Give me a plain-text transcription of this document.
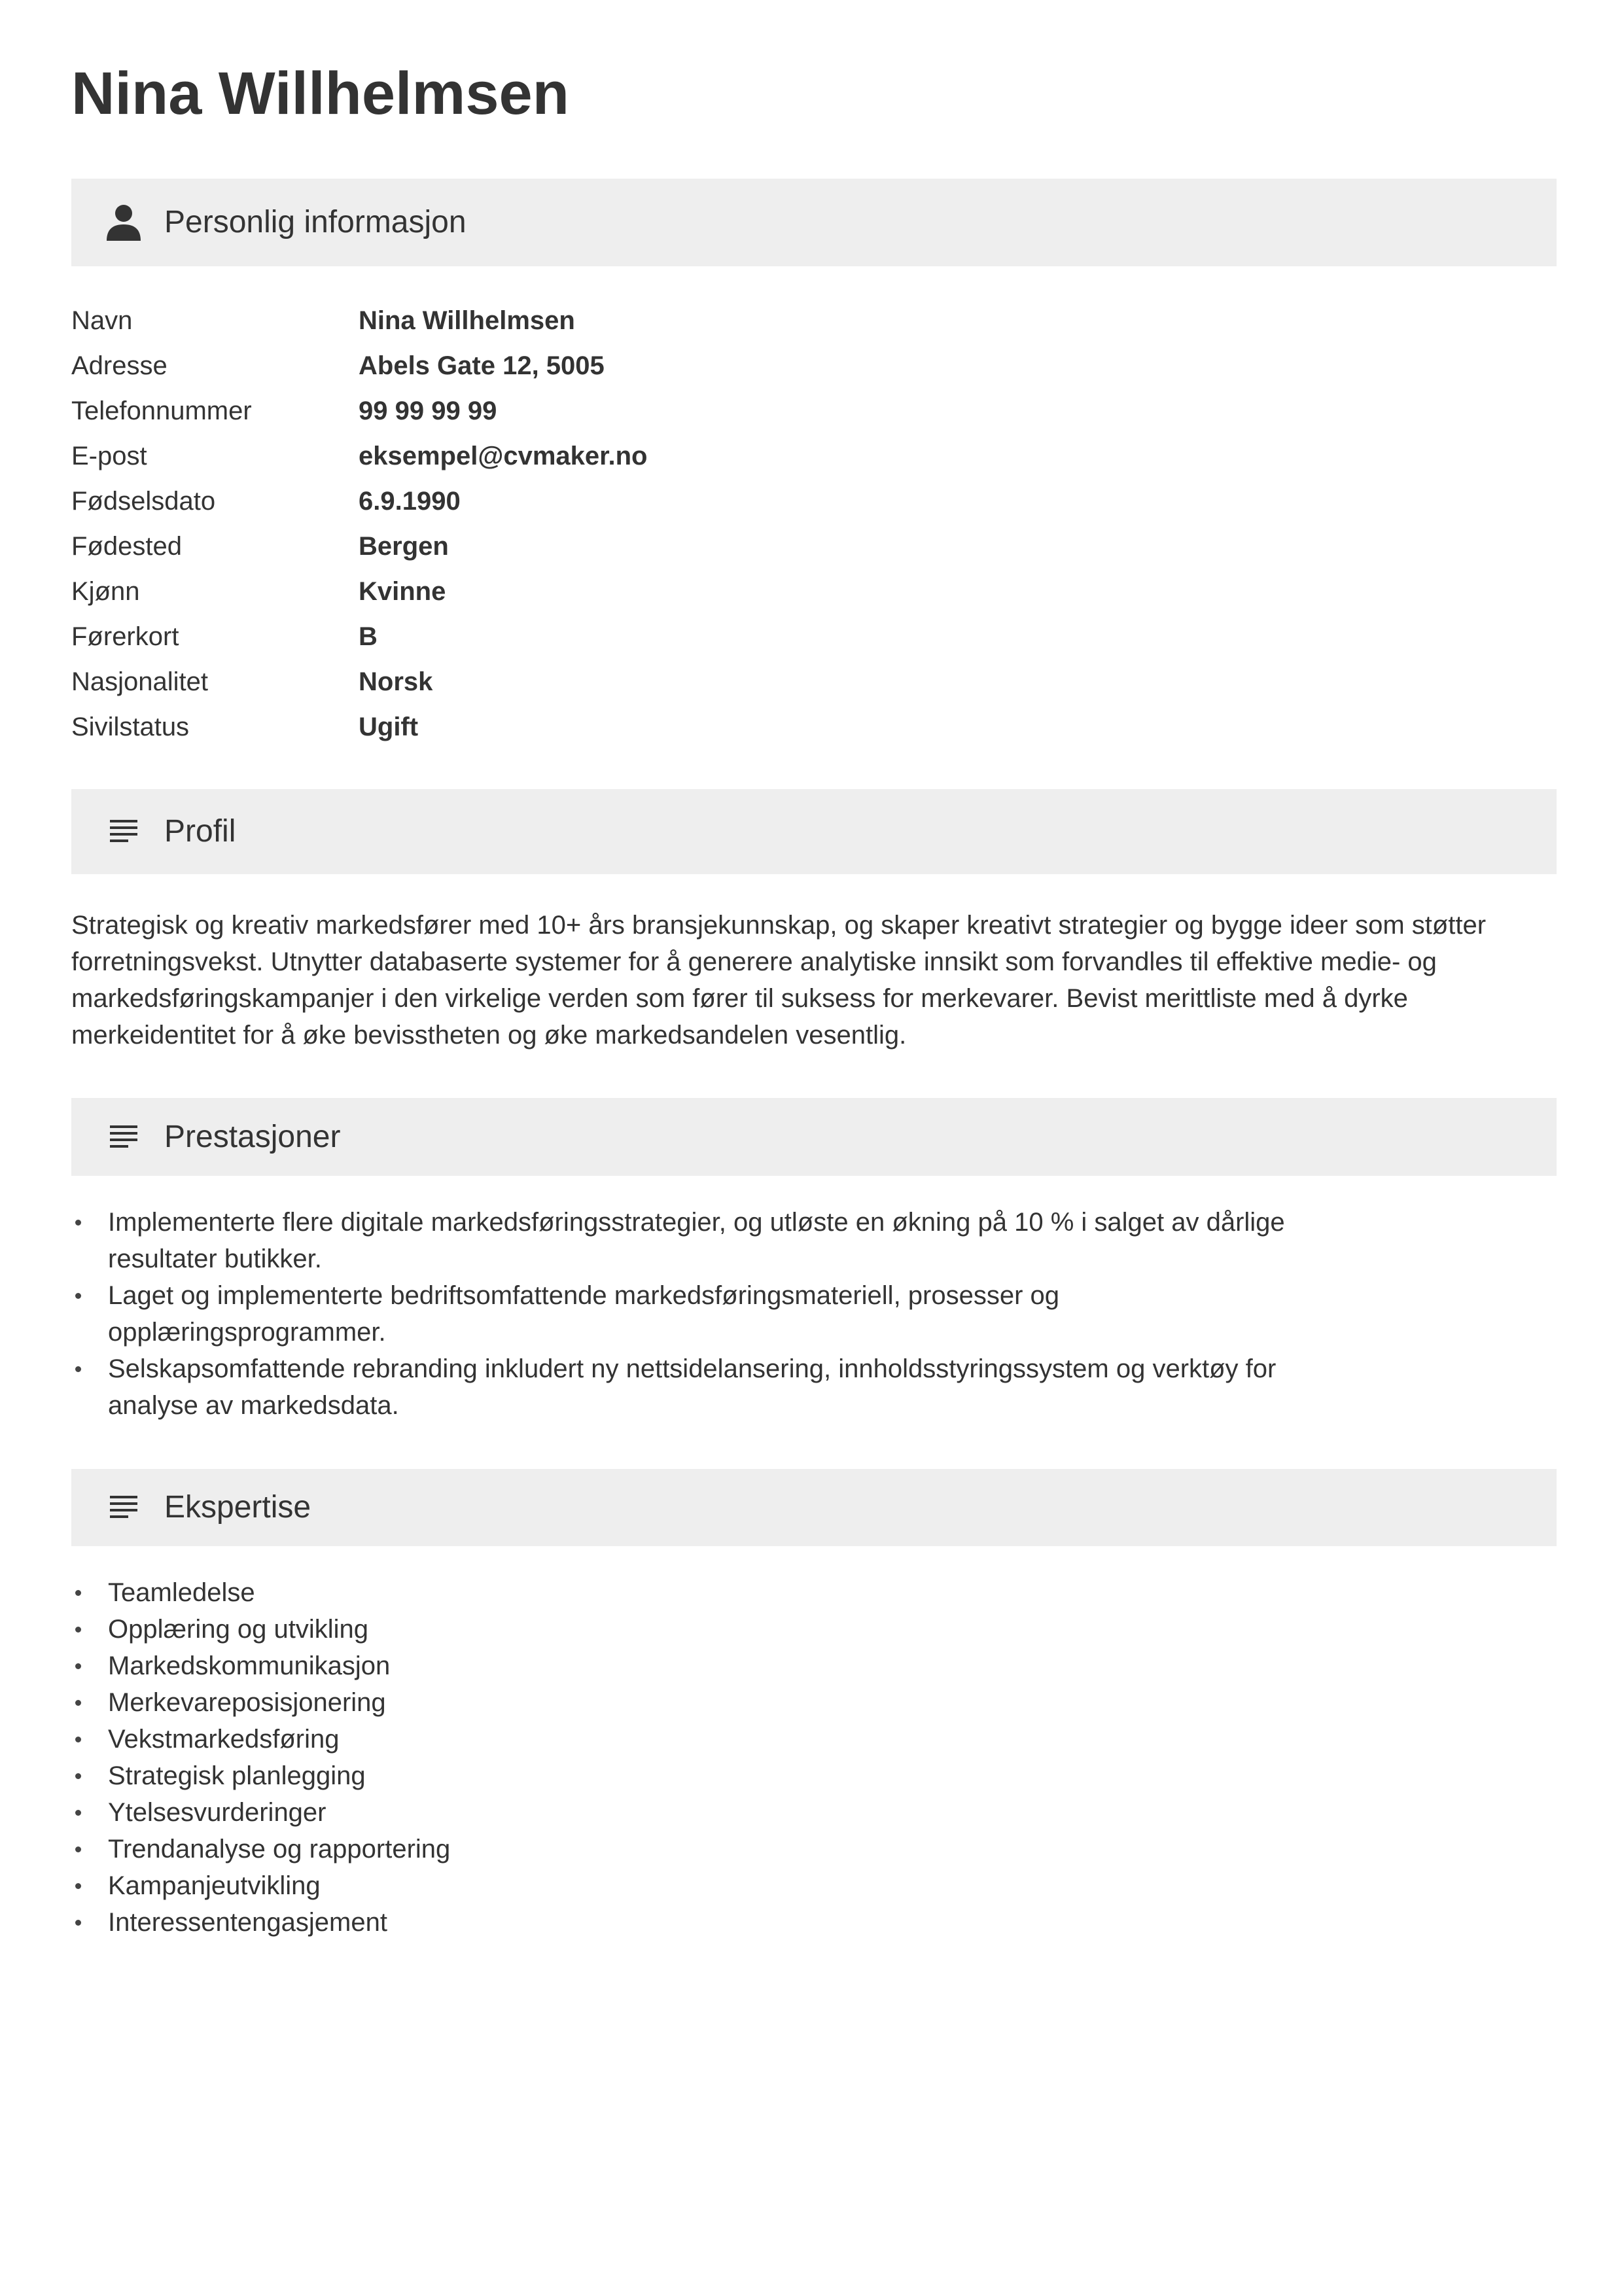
Nina Willhelmsen
Personlig informasjon
Navn	Nina Willhelmsen
Adresse	Abels Gate 12, 5005
Telefonnummer	99 99 99 99
E-post	eksempel@cvmaker.no
Fødselsdato	6.9.1990
Fødested	Bergen
Kjønn	Kvinne
Førerkort	B
Nasjonalitet	Norsk
Sivilstatus	Ugift
Profil

Strategisk og kreativ markedsfører med 10+ års bransjekunnskap, og skaper kreativt strategier og bygge ideer som støtter forretningsvekst. Utnytter databaserte systemer for å generere analytiske innsikt som forvandles til effektive medie- og markedsføringskampanjer i den virkelige verden som fører til suksess for merkevarer. Bevist merittliste med å dyrke merkeidentitet for å øke bevisstheten og øke markedsandelen vesentlig.

Prestasjoner
Implementerte flere digitale markedsføringsstrategier, og utløste en økning på 10 % i salget av dårlige resultater butikker.
Laget og implementerte bedriftsomfattende markedsføringsmateriell, prosesser og opplæringsprogrammer.
Selskapsomfattende rebranding inkludert ny nettsidelansering, innholdsstyringssystem og verktøy for analyse av markedsdata.
Ekspertise
Teamledelse
Opplæring og utvikling
Markedskommunikasjon
Merkevareposisjonering
Vekstmarkedsføring
Strategisk planlegging
Ytelsesvurderinger
Trendanalyse og rapportering
Kampanjeutvikling
Interessentengasjement
